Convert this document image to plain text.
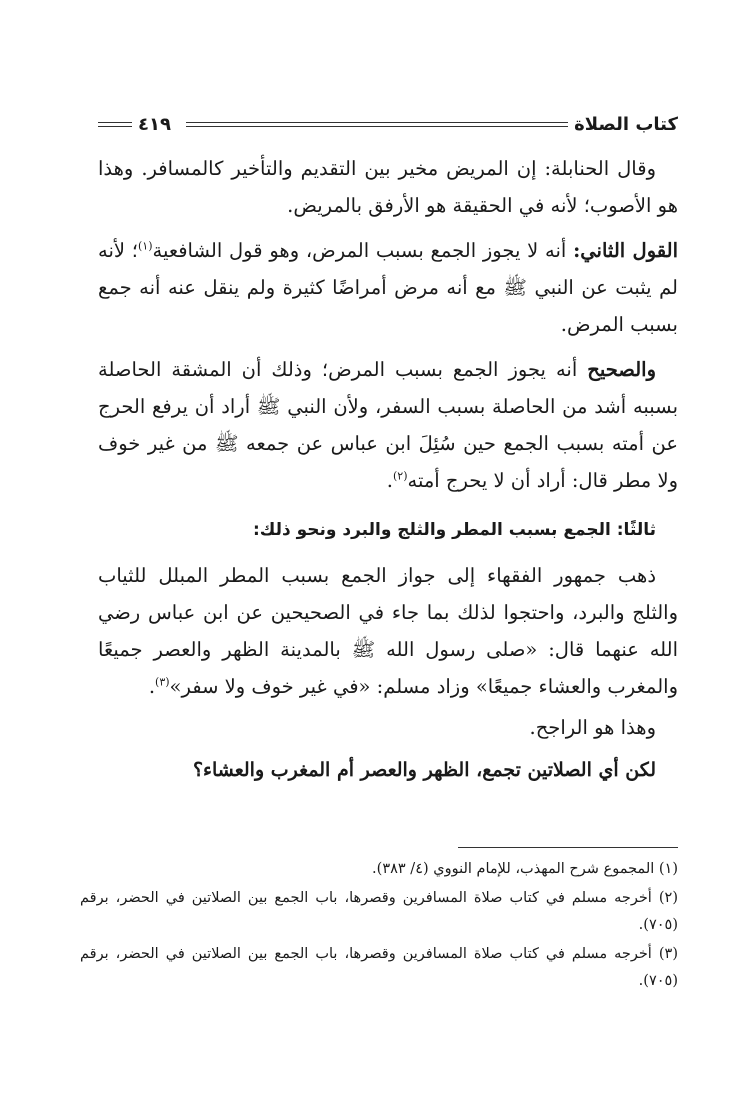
كتاب الصلاة
٤١٩

وقال الحنابلة: إن المريض مخير بين التقديم والتأخير كالمسافر. وهذا هو الأصوب؛ لأنه في الحقيقة هو الأرفق بالمريض.

القول الثاني: أنه لا يجوز الجمع بسبب المرض، وهو قول الشافعية$^{(١)}$؛ لأنه لم يثبت عن النبي ﷺ مع أنه مرض أمراضًا كثيرة ولم ينقل عنه أنه جمع بسبب المرض.

والصحيح أنه يجوز الجمع بسبب المرض؛ وذلك أن المشقة الحاصلة بسببه أشد من الحاصلة بسبب السفر، ولأن النبي ﷺ أراد أن يرفع الحرج عن أمته بسبب الجمع حين سُئِلَ ابن عباس عن جمعه ﷺ من غير خوف ولا مطر قال: أراد أن لا يحرج أمته$^{(٢)}$.

ثالثًا: الجمع بسبب المطر والثلج والبرد ونحو ذلك:

ذهب جمهور الفقهاء إلى جواز الجمع بسبب المطر المبلل للثياب والثلج والبرد، واحتجوا لذلك بما جاء في الصحيحين عن ابن عباس رضي الله عنهما قال: «صلى رسول الله ﷺ بالمدينة الظهر والعصر جميعًا والمغرب والعشاء جميعًا» وزاد مسلم: «في غير خوف ولا سفر»$^{(٣)}$.

وهذا هو الراجح.

لكن أي الصلاتين تجمع، الظهر والعصر أم المغرب والعشاء؟

(١) المجموع شرح المهذب، للإمام النووي (٤/ ٣٨٣).

(٢) أخرجه مسلم في كتاب صلاة المسافرين وقصرها، باب الجمع بين الصلاتين في الحضر، برقم (٧٠٥).

(٣) أخرجه مسلم في كتاب صلاة المسافرين وقصرها، باب الجمع بين الصلاتين في الحضر، برقم (٧٠٥).
